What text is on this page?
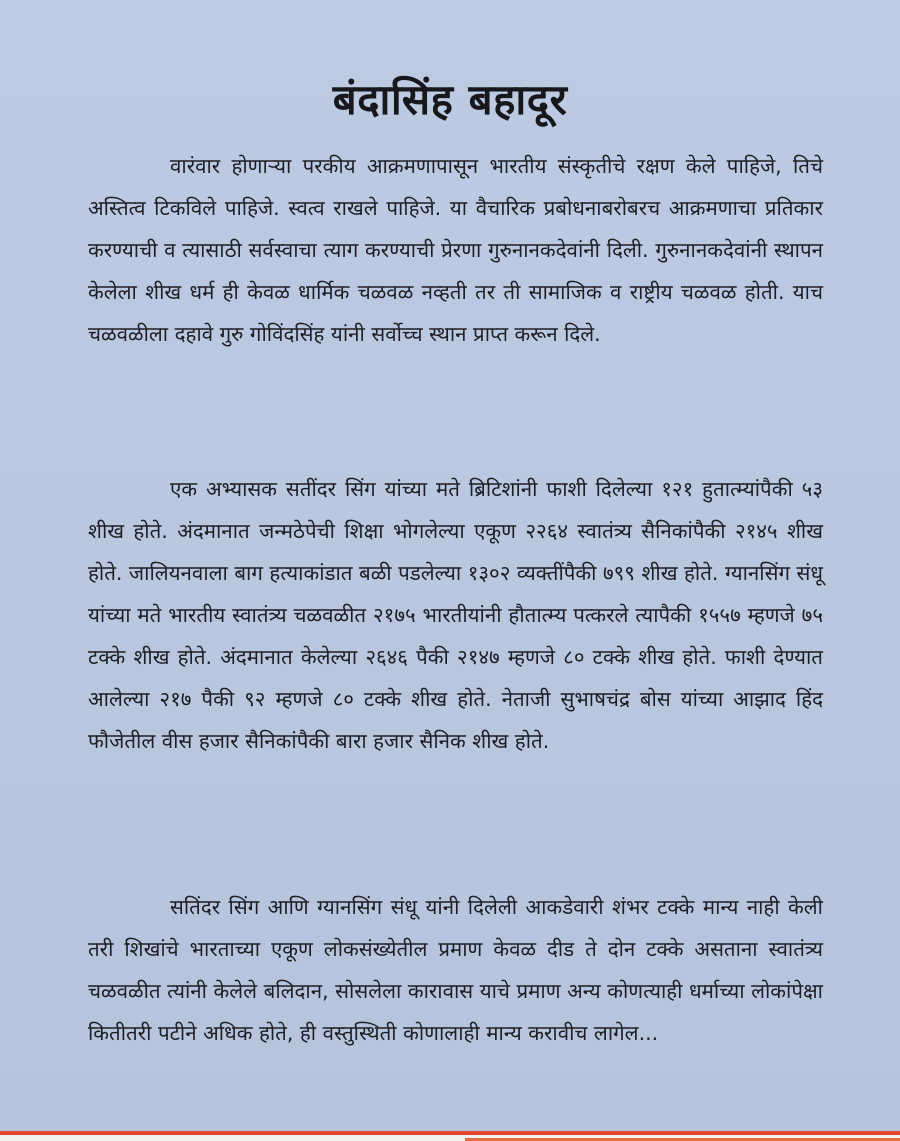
बंदासिंह बहादूर

वारंवार होणाऱ्या परकीय आक्रमणापासून भारतीय संस्कृतीचे रक्षण केले पाहिजे, तिचे अस्तित्व टिकविले पाहिजे. स्वत्व राखले पाहिजे. या वैचारिक प्रबोधनाबरोबरच आक्रमणाचा प्रतिकार करण्याची व त्यासाठी सर्वस्वाचा त्याग करण्याची प्रेरणा गुरुनानकदेवांनी दिली. गुरुनानकदेवांनी स्थापन केलेला शीख धर्म ही केवळ धार्मिक चळवळ नव्हती तर ती सामाजिक व राष्ट्रीय चळवळ होती. याच चळवळीला दहावे गुरु गोविंदसिंह यांनी सर्वोच्च स्थान प्राप्त करून दिले.

एक अभ्यासक सतींदर सिंग यांच्या मते ब्रिटिशांनी फाशी दिलेल्या १२१ हुतात्म्यांपैकी ५३ शीख होते. अंदमानात जन्मठेपेची शिक्षा भोगलेल्या एकूण २२६४ स्वातंत्र्य सैनिकांपैकी २१४५ शीख होते. जालियनवाला बाग हत्याकांडात बळी पडलेल्या १३०२ व्यक्तींपैकी ७९९ शीख होते. ग्यानसिंग संधू यांच्या मते भारतीय स्वातंत्र्य चळवळीत २१७५ भारतीयांनी हौतात्म्य पत्करले त्यापैकी १५५७ म्हणजे ७५ टक्के शीख होते. अंदमानात केलेल्या २६४६ पैकी २१४७ म्हणजे ८० टक्के शीख होते. फाशी देण्यात आलेल्या २१७ पैकी ९२ म्हणजे ८० टक्के शीख होते. नेताजी सुभाषचंद्र बोस यांच्या आझाद हिंद फौजेतील वीस हजार सैनिकांपैकी बारा हजार सैनिक शीख होते.

सतिंदर सिंग आणि ग्यानसिंग संधू यांनी दिलेली आकडेवारी शंभर टक्के मान्य नाही केली तरी शिखांचे भारताच्या एकूण लोकसंख्येतील प्रमाण केवळ दीड ते दोन टक्के असताना स्वातंत्र्य चळवळीत त्यांनी केलेले बलिदान, सोसलेला कारावास याचे प्रमाण अन्य कोणत्याही धर्माच्या लोकांपेक्षा कितीतरी पटीने अधिक होते, ही वस्तुस्थिती कोणालाही मान्य करावीच लागेल...
